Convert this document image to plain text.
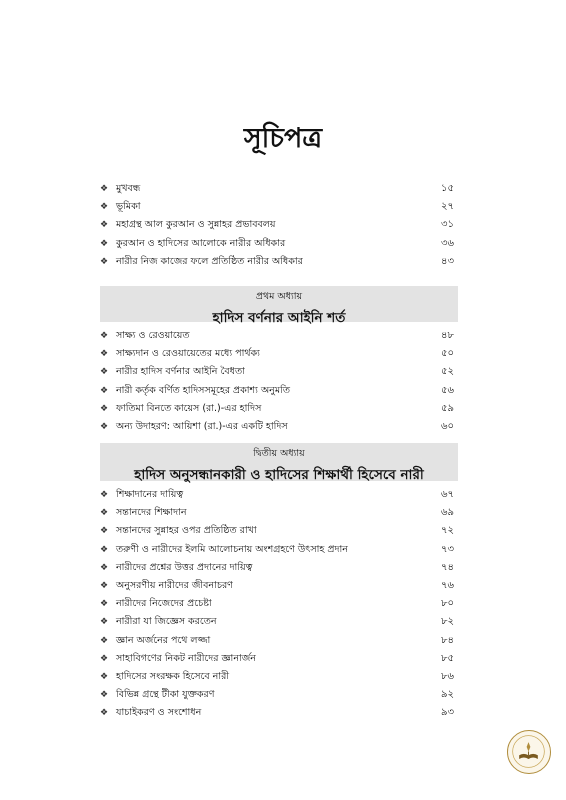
সূচিপত্র
❖ মুখবন্ধ	১৫
❖ ভূমিকা	২৭
❖ মহাগ্রন্থ আল কুরআন ও সুন্নাহর প্রভাববলয়	৩১
❖ কুরআন ও হাদিসের আলোকে নারীর অধিকার	৩৬
❖ নারীর নিজ কাজের ফলে প্রতিষ্ঠিত নারীর অধিকার	৪৩
প্রথম অধ্যায়
হাদিস বর্ণনার আইনি শর্ত
❖ সাক্ষ্য ও রেওয়ায়েত	৪৮
❖ সাক্ষ্যদান ও রেওয়ায়েতের মধ্যে পার্থক্য	৫০
❖ নারীর হাদিস বর্ণনার আইনি বৈধতা	৫২
❖ নারী কর্তৃক বর্ণিত হাদিসসমূহের প্রকাশ্য অনুমতি	৫৬
❖ ফাতিমা বিনতে কায়েস (রা.)-এর হাদিস	৫৯
❖ অন্য উদাহরণ: আয়িশা (রা.)-এর একটি হাদিস	৬০
দ্বিতীয় অধ্যায়
হাদিস অনুসন্ধানকারী ও হাদিসের শিক্ষার্থী হিসেবে নারী
❖ শিক্ষাদানের দায়িত্ব	৬৭
❖ সন্তানদের শিক্ষাদান	৬৯
❖ সন্তানদের সুন্নাহর ওপর প্রতিষ্ঠিত রাখা	৭২
❖ তরুণী ও নারীদের ইলমি আলোচনায় অংশগ্রহণে উৎসাহ প্রদান	৭৩
❖ নারীদের প্রশ্নের উত্তর প্রদানের দায়িত্ব	৭৪
❖ অনুসরণীয় নারীদের জীবনাচরণ	৭৬
❖ নারীদের নিজেদের প্রচেষ্টা	৮০
❖ নারীরা যা জিজ্ঞেস করতেন	৮২
❖ জ্ঞান অর্জনের পথে লজ্জা	৮৪
❖ সাহাবিগণের নিকট নারীদের জ্ঞানার্জন	৮৫
❖ হাদিসের সংরক্ষক হিসেবে নারী	৮৬
❖ বিভিন্ন গ্রন্থে টীকা যুক্তকরণ	৯২
❖ যাচাইকরণ ও সংশোধন	৯৩
